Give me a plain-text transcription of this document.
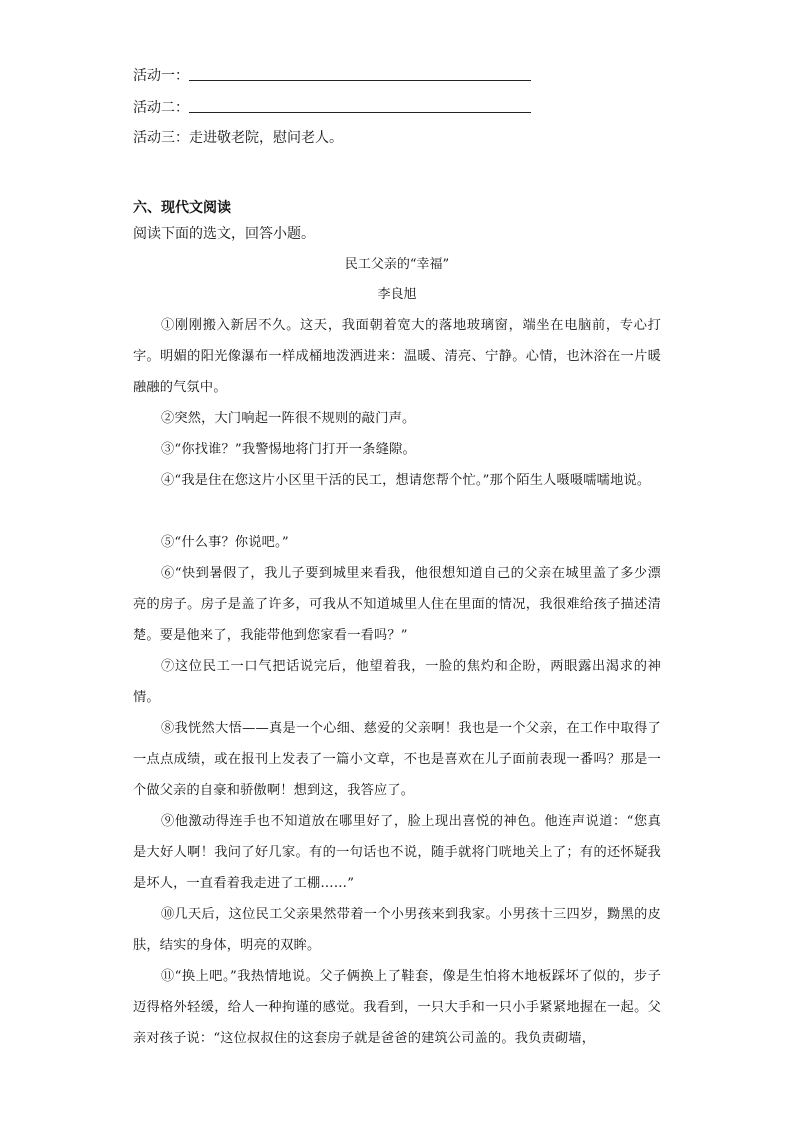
活动一：
活动二：
活动三：走进敬老院，慰问老人。
六、现代文阅读
阅读下面的选文，回答小题。
民工父亲的“幸福”
李良旭
①刚刚搬入新居不久。这天，我面朝着宽大的落地玻璃窗，端坐在电脑前，专心打字。明媚的阳光像瀑布一样成桶地泼洒进来：温暖、清亮、宁静。心情，也沐浴在一片暖融融的气氛中。
②突然，大门响起一阵很不规则的敲门声。
③“你找谁？”我警惕地将门打开一条缝隙。
④“我是住在您这片小区里干活的民工，想请您帮个忙。”那个陌生人嗫嗫嚅嚅地说。
⑤“什么事？你说吧。”
⑥“快到暑假了，我儿子要到城里来看我，他很想知道自己的父亲在城里盖了多少漂亮的房子。房子是盖了许多，可我从不知道城里人住在里面的情况，我很难给孩子描述清楚。要是他来了，我能带他到您家看一看吗？”
⑦这位民工一口气把话说完后，他望着我，一脸的焦灼和企盼，两眼露出渴求的神情。
⑧我恍然大悟——真是一个心细、慈爱的父亲啊！我也是一个父亲，在工作中取得了一点点成绩，或在报刊上发表了一篇小文章，不也是喜欢在儿子面前表现一番吗？那是一个做父亲的自豪和骄傲啊！想到这，我答应了。
⑨他激动得连手也不知道放在哪里好了，脸上现出喜悦的神色。他连声说道：“您真是大好人啊！我问了好几家。有的一句话也不说，随手就将门咣地关上了；有的还怀疑我是坏人，一直看着我走进了工棚……”
⑩几天后，这位民工父亲果然带着一个小男孩来到我家。小男孩十三四岁，黝黑的皮肤，结实的身体，明亮的双眸。
⑪“换上吧。”我热情地说。父子俩换上了鞋套，像是生怕将木地板踩坏了似的，步子迈得格外轻缓，给人一种拘谨的感觉。我看到，一只大手和一只小手紧紧地握在一起。父亲对孩子说：“这位叔叔住的这套房子就是爸爸的建筑公司盖的。我负责砌墙，
